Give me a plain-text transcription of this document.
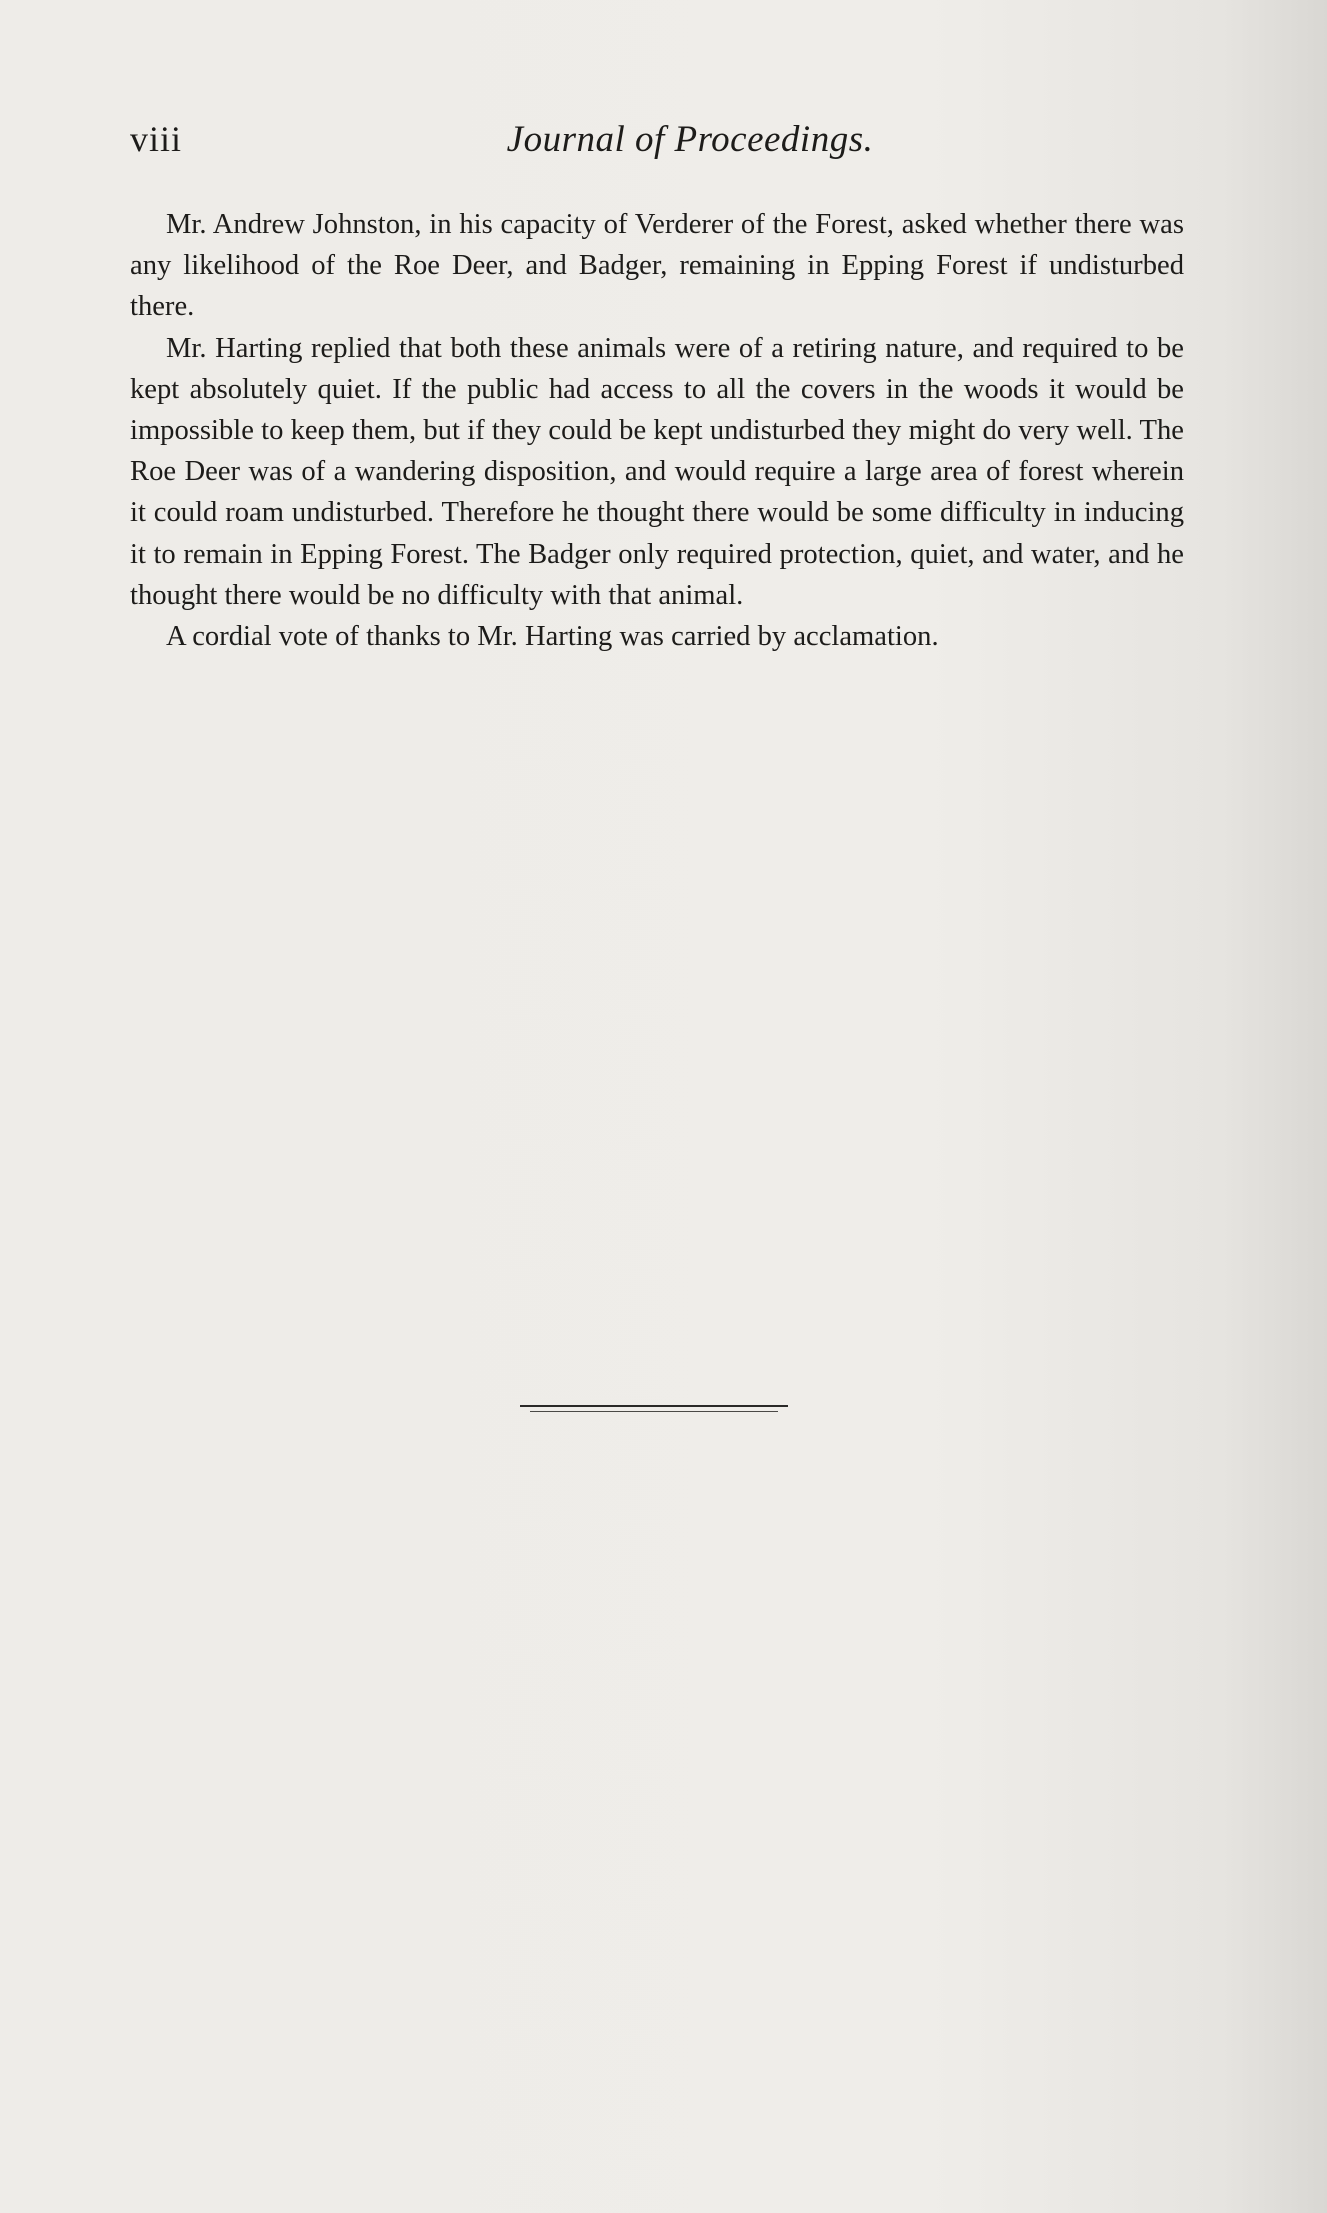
viii	Journal of Proceedings.

Mr. Andrew Johnston, in his capacity of Verderer of the Forest, asked whether there was any likelihood of the Roe Deer, and Badger, remaining in Epping Forest if undisturbed there.

Mr. Harting replied that both these animals were of a retiring nature, and required to be kept absolutely quiet. If the public had access to all the covers in the woods it would be impossible to keep them, but if they could be kept undisturbed they might do very well. The Roe Deer was of a wandering disposition, and would require a large area of forest wherein it could roam undisturbed. Therefore he thought there would be some difficulty in inducing it to remain in Epping Forest. The Badger only required protection, quiet, and water, and he thought there would be no difficulty with that animal.

A cordial vote of thanks to Mr. Harting was carried by acclamation.
